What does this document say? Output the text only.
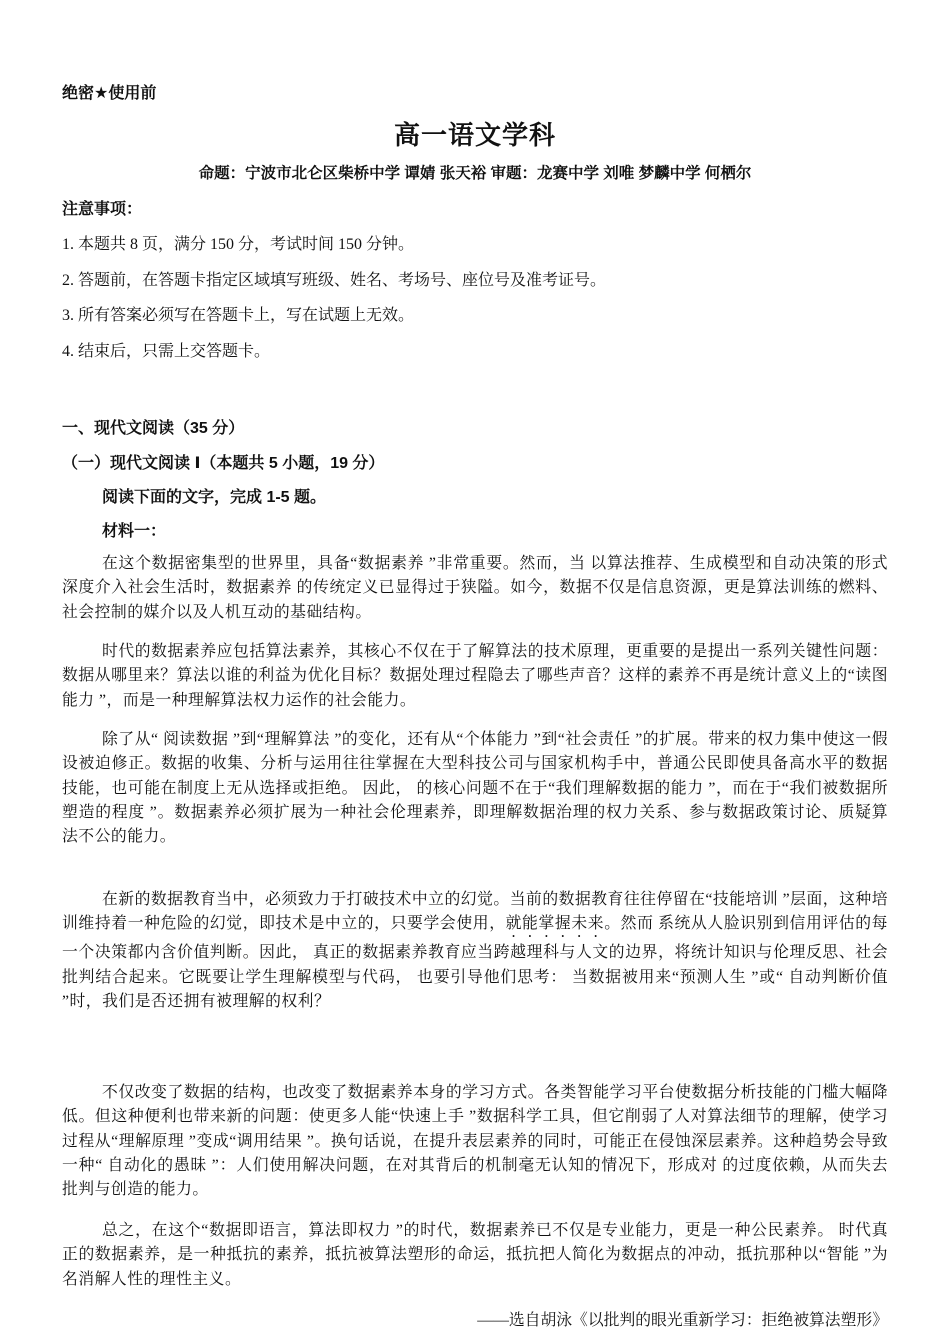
绝密★使用前
高一语文学科
命题：宁波市北仑区柴桥中学 谭婧 张天裕 审题：龙赛中学 刘唯 梦麟中学 何栖尔
注意事项：
1. 本题共 8 页，满分 150 分，考试时间 150 分钟。
2. 答题前，在答题卡指定区域填写班级、姓名、考场号、座位号及准考证号。
3. 所有答案必须写在答题卡上，写在试题上无效。
4. 结束后，只需上交答题卡。
一、现代文阅读（35 分）
（一）现代文阅读 Ⅰ（本题共 5 小题，19 分）
阅读下面的文字，完成 1-5 题。
材料一：

在这个数据密集型的世界里，具备“数据素养 ”非常重要。然而，当 以算法推荐、生成模型和自动决策的形式深度介入社会生活时，数据素养 的传统定义已显得过于狭隘。如今，数据不仅是信息资源，更是算法训练的燃料、社会控制的媒介以及人机互动的基础结构。

时代的数据素养应包括算法素养，其核心不仅在于了解算法的技术原理，更重要的是提出一系列关键性问题：数据从哪里来？算法以谁的利益为优化目标？数据处理过程隐去了哪些声音？这样的素养不再是统计意义上的“读图能力 ”，而是一种理解算法权力运作的社会能力。

除了从“ 阅读数据 ”到“理解算法 ”的变化，还有从“个体能力 ”到“社会责任 ”的扩展。带来的权力集中使这一假设被迫修正。数据的收集、分析与运用往往掌握在大型科技公司与国家机构手中，普通公民即使具备高水平的数据技能，也可能在制度上无从选择或拒绝。 因此， 的核心问题不在于“我们理解数据的能力 ”，而在于“我们被数据所塑造的程度 ”。数据素养必须扩展为一种社会伦理素养，即理解数据治理的权力关系、参与数据政策讨论、质疑算法不公的能力。

在新的数据教育当中，必须致力于打破技术中立的幻觉。当前的数据教育往往停留在“技能培训 ”层面，这种培训维持着一种危险的幻觉，即技术是中立的，只要学会使用，就能掌握未来。然而 系统从人脸识别到信用评估的每一个决策都内含价值判断。因此， 真正的数据素养教育应当跨越理科与人文的边界，将统计知识与伦理反思、社会批判结合起来。它既要让学生理解模型与代码， 也要引导他们思考： 当数据被用来“预测人生 ”或“ 自动判断价值 ”时，我们是否还拥有被理解的权利？

不仅改变了数据的结构，也改变了数据素养本身的学习方式。各类智能学习平台使数据分析技能的门槛大幅降低。但这种便利也带来新的问题：使更多人能“快速上手 ”数据科学工具，但它削弱了人对算法细节的理解，使学习过程从“理解原理 ”变成“调用结果 ”。换句话说，在提升表层素养的同时，可能正在侵蚀深层素养。这种趋势会导致一种“ 自动化的愚昧 ”：人们使用解决问题，在对其背后的机制毫无认知的情况下，形成对 的过度依赖，从而失去批判与创造的能力。

总之，在这个“数据即语言，算法即权力 ”的时代，数据素养已不仅是专业能力，更是一种公民素养。 时代真正的数据素养，是一种抵抗的素养，抵抗被算法塑形的命运，抵抗把人简化为数据点的冲动，抵抗那种以“智能 ”为名消解人性的理性主义。

——选自胡泳《以批判的眼光重新学习：拒绝被算法塑形》
